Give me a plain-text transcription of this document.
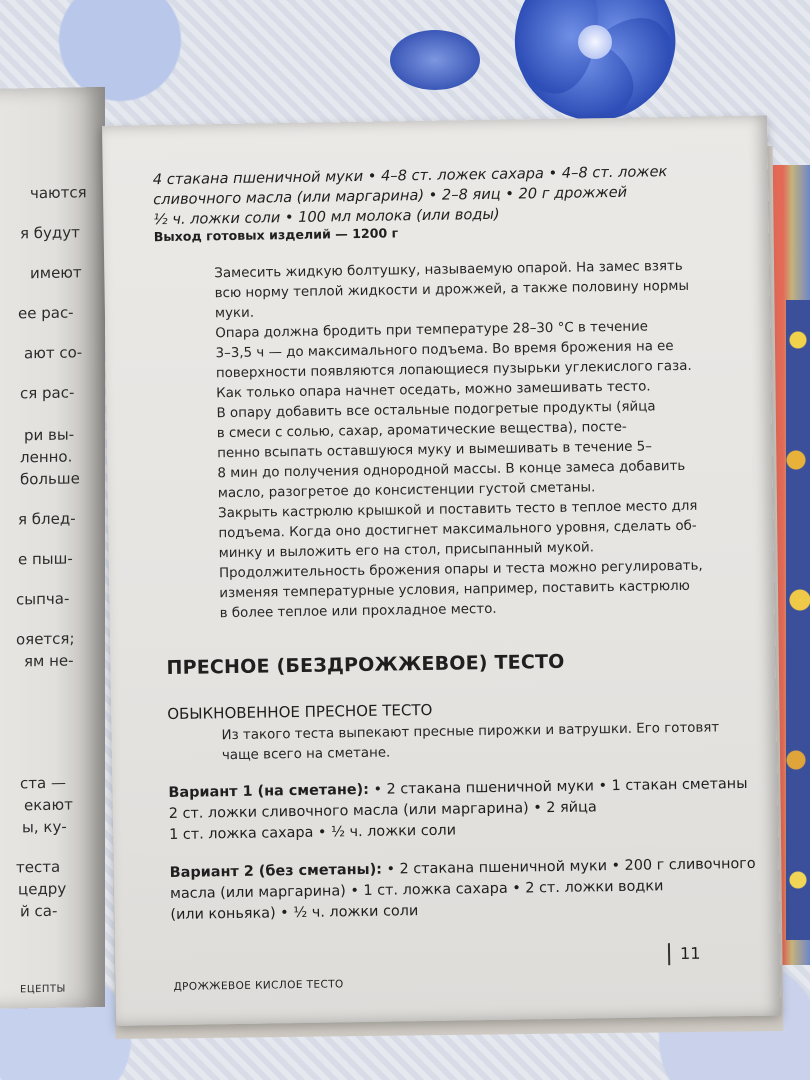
чаются
я будут
имеют
ее рас-
ают со-
ся рас-
ри вы-
ленно.
больше
я блед-
е пыш-
сыпча-
ояется;
ям не-
ста —
екают
ы, ку-
теста
цедру
й са-
ЕЦЕПТЫ
4 стакана пшеничной муки • 4–8 ст. ложек сахара • 4–8 ст. ложек
сливочного масла (или маргарина) • 2–8 яиц • 20 г дрожжей
½ ч. ложки соли • 100 мл молока (или воды)
Выход готовых изделий — 1200 г
Замесить жидкую болтушку, называемую опарой. На замес взять
всю норму теплой жидкости и дрожжей, а также половину нормы
муки.
Опара должна бродить при температуре 28–30 °С в течение
3–3,5 ч — до максимального подъема. Во время брожения на ее
поверхности появляются лопающиеся пузырьки углекислого газа.
Как только опара начнет оседать, можно замешивать тесто.
В опару добавить все остальные подогретые продукты (яйца
в смеси с солью, сахар, ароматические вещества), посте-
пенно всыпать оставшуюся муку и вымешивать в течение 5–
8 мин до получения однородной массы. В конце замеса добавить
масло, разогретое до консистенции густой сметаны.
Закрыть кастрюлю крышкой и поставить тесто в теплое место для
подъема. Когда оно достигнет максимального уровня, сделать об-
минку и выложить его на стол, присыпанный мукой.
Продолжительность брожения опары и теста можно регулировать,
изменяя температурные условия, например, поставить кастрюлю
в более теплое или прохладное место.
ПРЕСНОЕ (БЕЗДРОЖЖЕВОЕ) ТЕСТО
ОБЫКНОВЕННОЕ ПРЕСНОЕ ТЕСТО
Из такого теста выпекают пресные пирожки и ватрушки. Его готовят
чаще всего на сметане.
Вариант 1 (на сметане): • 2 стакана пшеничной муки • 1 стакан сметаны
2 ст. ложки сливочного масла (или маргарина) • 2 яйца
1 ст. ложка сахара • ½ ч. ложки соли
Вариант 2 (без сметаны): • 2 стакана пшеничной муки • 200 г сливочного
масла (или маргарина) • 1 ст. ложка сахара • 2 ст. ложки водки
(или коньяка) • ½ ч. ложки соли
11
ДРОЖЖЕВОЕ КИСЛОЕ ТЕСТО
